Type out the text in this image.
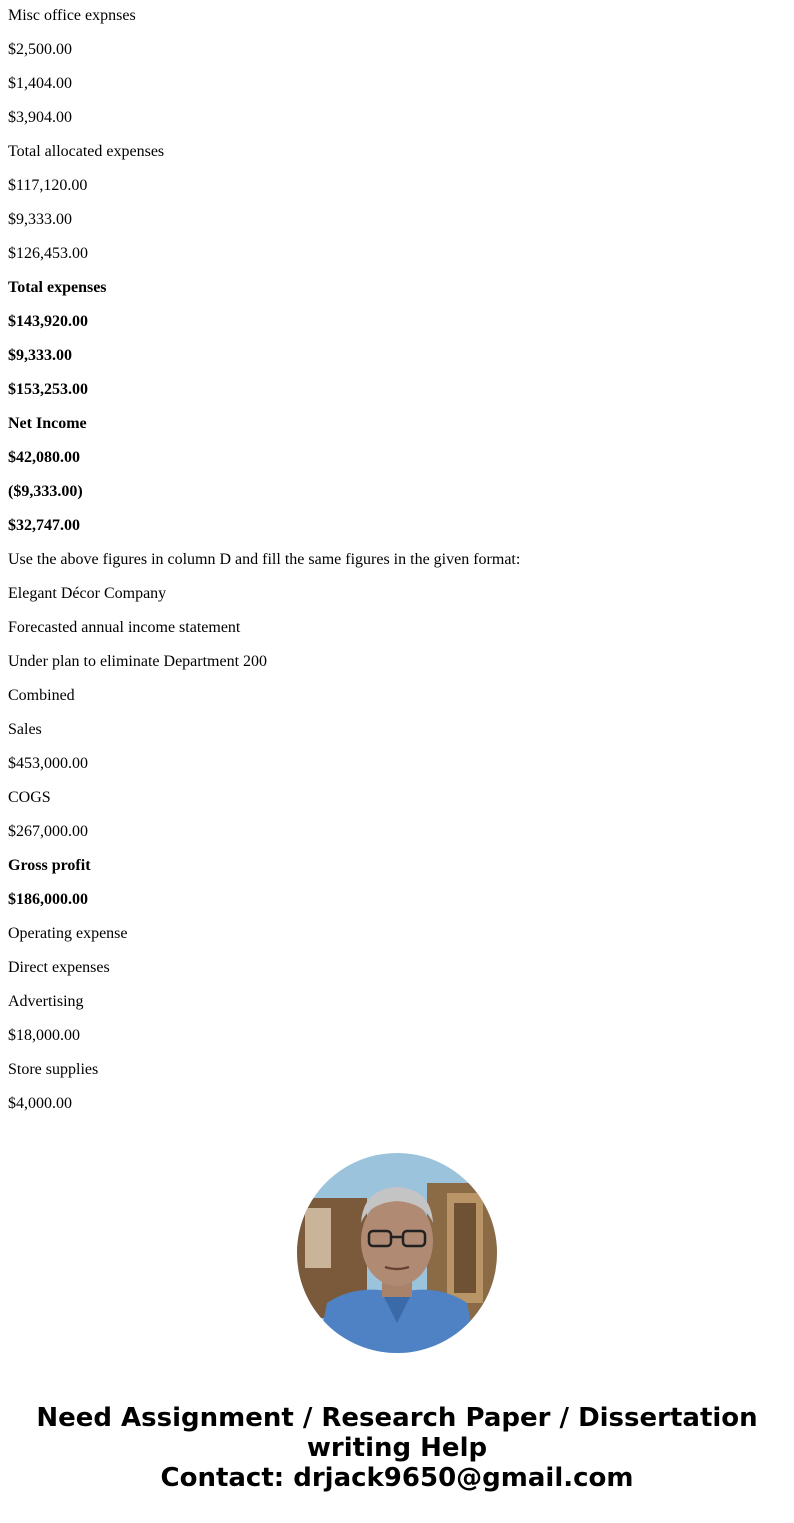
Misc office expnses
$2,500.00
$1,404.00
$3,904.00
Total allocated expenses
$117,120.00
$9,333.00
$126,453.00
Total expenses
$143,920.00
$9,333.00
$153,253.00
Net Income
$42,080.00
($9,333.00)
$32,747.00
Use the above figures in column D and fill the same figures in the given format:
Elegant Décor Company
Forecasted annual income statement
Under plan to eliminate Department 200
Combined
Sales
$453,000.00
COGS
$267,000.00
Gross profit
$186,000.00
Operating expense
Direct expenses
Advertising
$18,000.00
Store supplies
$4,000.00
Need Assignment / Research Paper / Dissertation
writing Help
Contact: drjack9650@gmail.com
